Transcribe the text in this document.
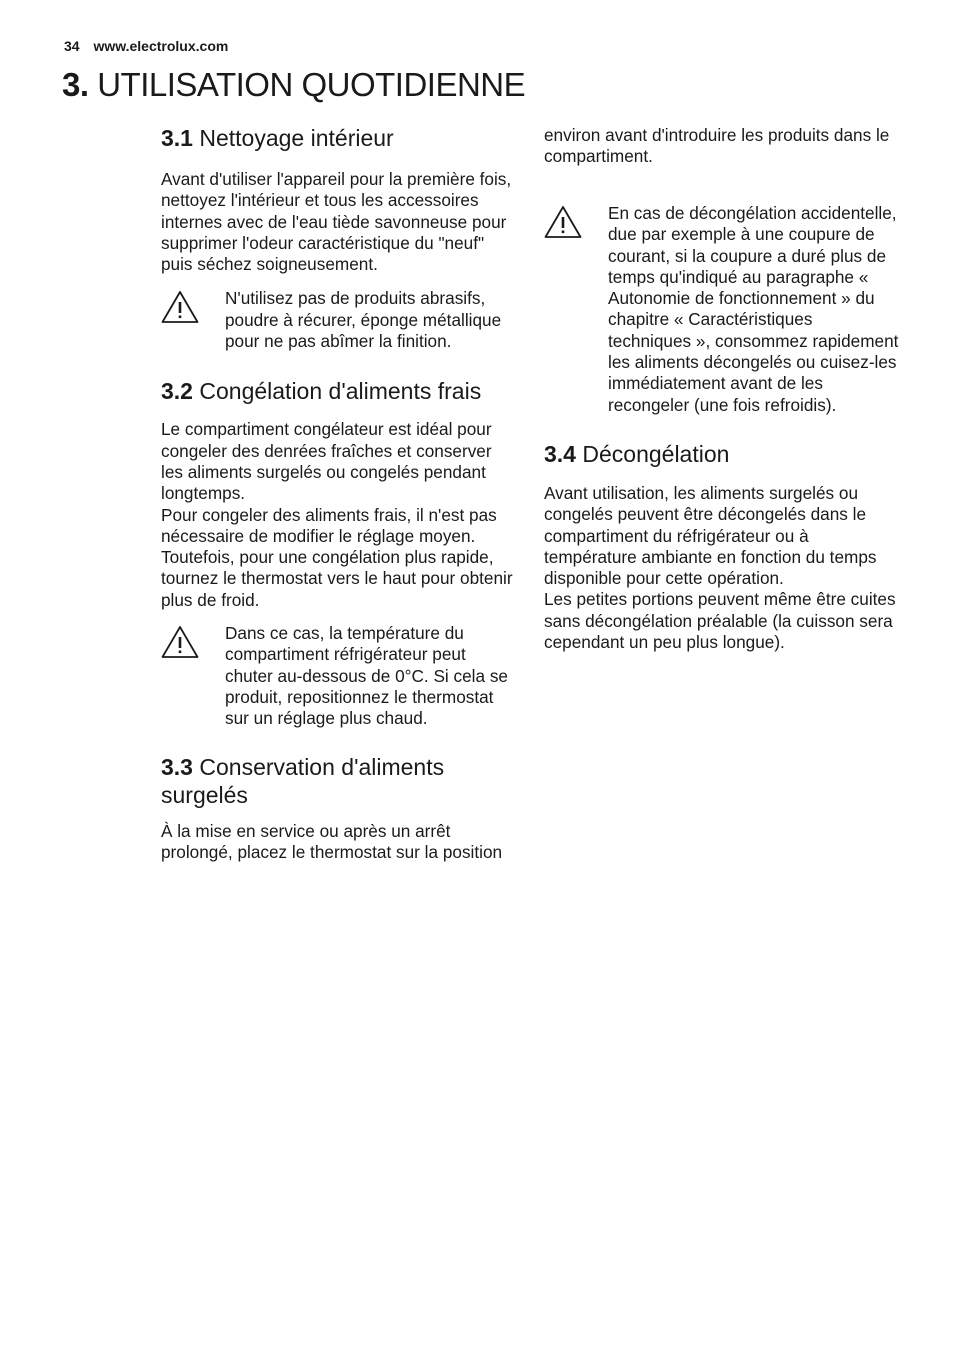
34 www.electrolux.com
3. UTILISATION QUOTIDIENNE
3.1 Nettoyage intérieur

Avant d'utiliser l'appareil pour la première fois, nettoyez l'intérieur et tous les accessoires internes avec de l'eau tiède savonneuse pour supprimer l'odeur caractéristique du "neuf" puis séchez soigneusement.

N'utilisez pas de produits abrasifs, poudre à récurer, éponge métallique pour ne pas abîmer la finition.

3.2 Congélation d'aliments frais

Le compartiment congélateur est idéal pour congeler des denrées fraîches et conserver les aliments surgelés ou congelés pendant longtemps.

Pour congeler des aliments frais, il n'est pas nécessaire de modifier le réglage moyen.

Toutefois, pour une congélation plus rapide, tournez le thermostat vers le haut pour obtenir plus de froid.

Dans ce cas, la température du compartiment réfrigérateur peut chuter au-dessous de 0°C. Si cela se produit, repositionnez le thermostat sur un réglage plus chaud.

3.3 Conservation d'aliments surgelés

À la mise en service ou après un arrêt prolongé, placez le thermostat sur la position

environ avant d'introduire les produits dans le compartiment.

En cas de décongélation accidentelle, due par exemple à une coupure de courant, si la coupure a duré plus de temps qu'indiqué au paragraphe « Autonomie de fonctionnement » du chapitre « Caractéristiques techniques », consommez rapidement les aliments décongelés ou cuisez-les immédiatement avant de les recongeler (une fois refroidis).

3.4 Décongélation

Avant utilisation, les aliments surgelés ou congelés peuvent être décongelés dans le compartiment du réfrigérateur ou à température ambiante en fonction du temps disponible pour cette opération.

Les petites portions peuvent même être cuites sans décongélation préalable (la cuisson sera cependant un peu plus longue).
